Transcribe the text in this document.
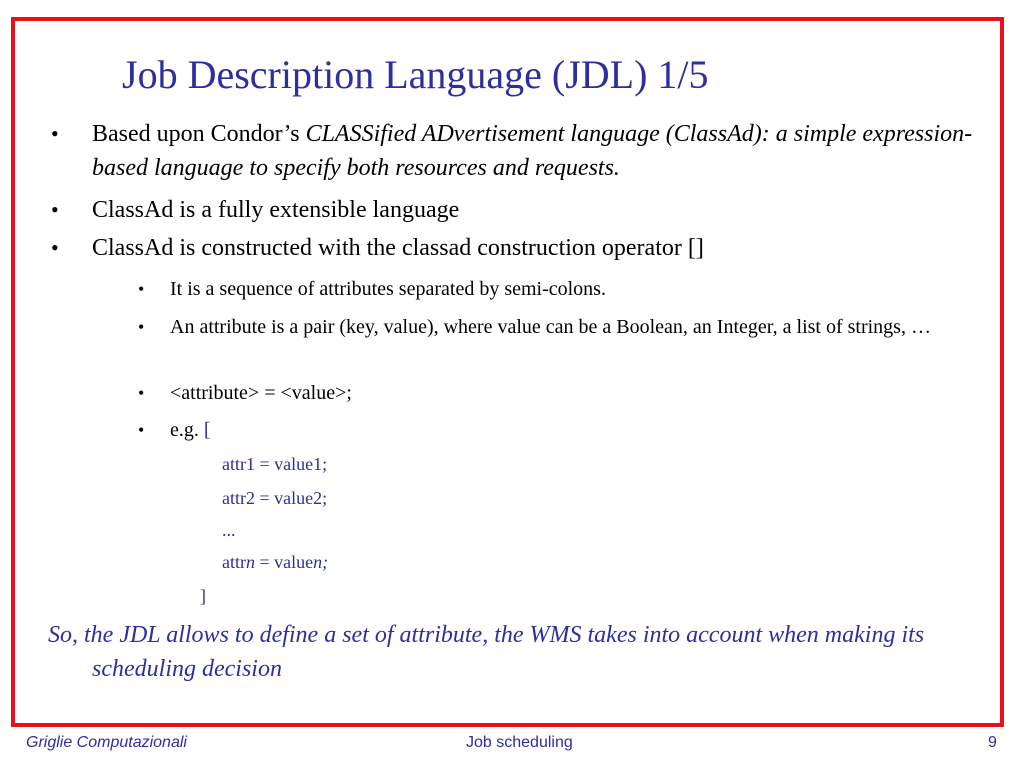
Job Description Language (JDL) 1/5
• Based upon Condor’s CLASSified ADvertisement language (ClassAd): a simple expression-based language to specify both resources and requests.
• ClassAd is a fully extensible language
• ClassAd is constructed with the classad construction operator []
• It is a sequence of attributes separated by semi-colons.
• An attribute is a pair (key, value), where value can be a Boolean, an Integer, a list of strings, …
• <attribute> = <value>;
• e.g. [
attr1 = value1;
attr2 = value2;
...
attrn = valuen;
]
So, the JDL allows to define a set of attribute, the WMS takes into account when making its scheduling decision
Griglie Computazionali	Job scheduling	9
